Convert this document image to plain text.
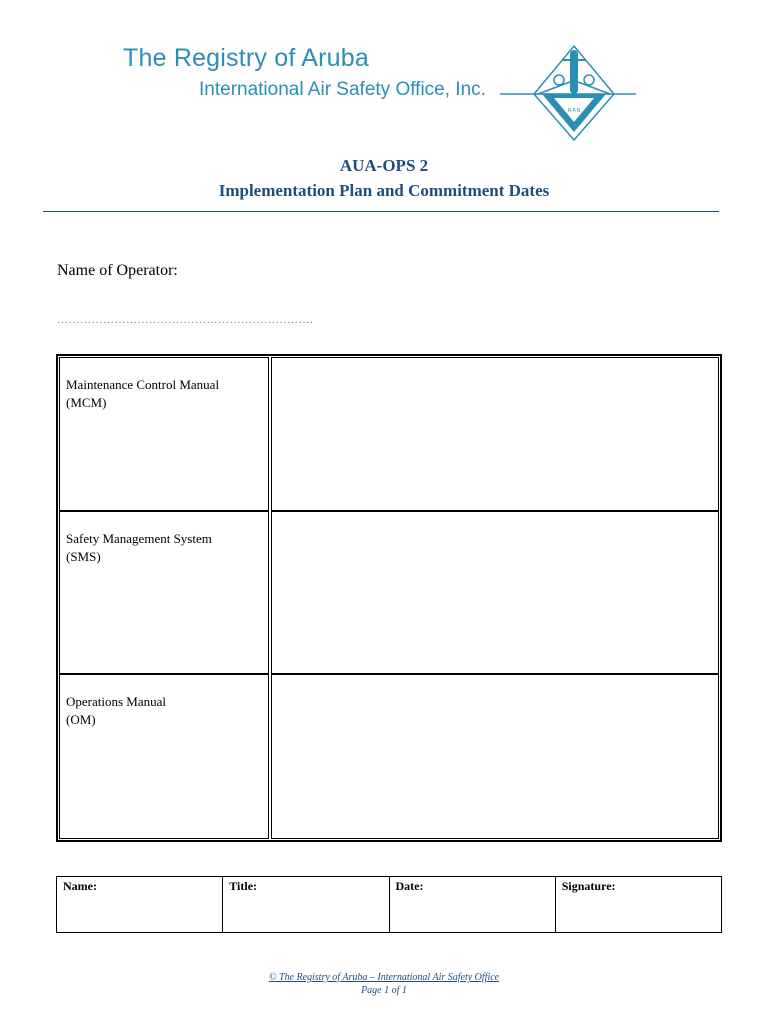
The Registry of Aruba
International Air Safety Office, Inc.
R A R
AUA-OPS 2
Implementation Plan and Commitment Dates
Name of Operator:
………………………………………………………….
Maintenance Control Manual
(MCM)
Safety Management System
(SMS)
Operations Manual
(OM)
Name:	Title:	Date:	Signature:
© The Registry of Aruba – International Air Safety Office
Page 1 of 1
